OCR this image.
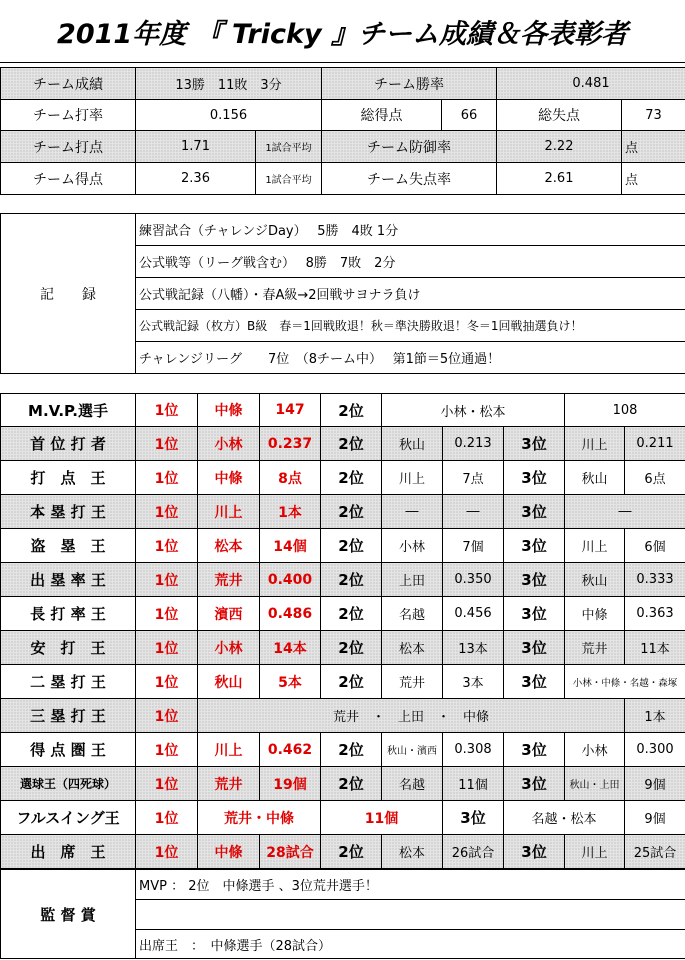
2011年度 『 Tricky 』チーム成績＆各表彰者
チーム成績	13勝　11敗　3分		チーム勝率		0.481	
チーム打率	0.156		総得点	66	総失点	73
チーム打点	1.71	1試合平均	チーム防御率		2.22	点
チーム得点	2.36	1試合平均	チーム失点率		2.61	点
記　　録	練習試合（チャレンジDay）　 5勝　4敗 1分
公式戦等（リーグ戦含む）　 8勝　7敗　2分
公式戦記録（八幡）・春A級→2回戦サヨナラ負け
公式戦記録（枚方）B級　春＝1回戦敗退！秋＝準決勝敗退！冬＝1回戦抽選負け！
チャレンジリーグ　　7位　（8チーム中）　 第1節＝5位通過！
M.V.P.選手	1位	中條	147	2位	小林・松本			108	
首 位 打 者	1位	小林	0.237	2位	秋山	0.213	3位	川上	0.211
打　点　王	1位	中條	8点	2位	川上	7点	3位	秋山	6点
本 塁 打 王	1位	川上	1本	2位	―	―	3位	―	
盗　塁　王	1位	松本	14個	2位	小林	7個	3位	川上	6個
出 塁 率 王	1位	荒井	0.400	2位	上田	0.350	3位	秋山	0.333
長 打 率 王	1位	濱西	0.486	2位	名越	0.456	3位	中條	0.363
安　打　王	1位	小林	14本	2位	松本	13本	3位	荒井	11本
二 塁 打 王	1位	秋山	5本	2位	荒井	3本	3位	小林・中條・名越・森塚	
三 塁 打 王	1位	荒井　・　上田　・　中條							1本
得 点 圏 王	1位	川上	0.462	2位	秋山・濱西	0.308	3位	小林	0.300
選球王（四死球）	1位	荒井	19個	2位	名越	11個	3位	秋山・上田	9個
フルスイング王	1位	荒井・中條		11個		3位	名越・松本		9個
出　席　王	1位	中條	28試合	2位	松本	26試合	3位	川上	25試合
監 督 賞	MVP ： 2位　中條選手 、3位荒井選手！

出席王　：　中條選手（28試合）
